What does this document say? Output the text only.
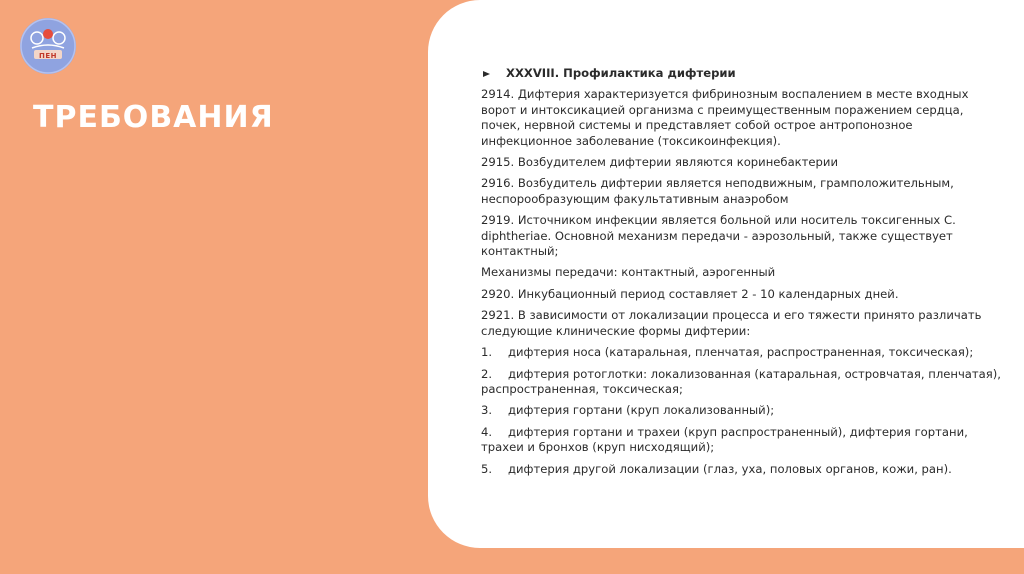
ПЕН
ТРЕБОВАНИЯ
XXXVIII. Профилактика дифтерии

2914. Дифтерия характеризуется фибринозным воспалением в месте входных ворот и интоксикацией организма с преимущественным поражением сердца, почек, нервной системы и представляет собой острое антропонозное инфекционное заболевание (токсикоинфекция).

2915. Возбудителем дифтерии являются коринебактерии

2916. Возбудитель дифтерии является неподвижным, грамположительным, неспорообразующим факультативным анаэробом

2919. Источником инфекции является больной или носитель токсигенных C. diphtheriae. Основной механизм передачи - аэрозольный, также существует контактный;

Механизмы передачи: контактный, аэрогенный

2920. Инкубационный период составляет 2 - 10 календарных дней.

2921. В зависимости от локализации процесса и его тяжести принято различать следующие клинические формы дифтерии:

1. дифтерия носа (катаральная, пленчатая, распространенная, токсическая);
2. дифтерия ротоглотки: локализованная (катаральная, островчатая, пленчатая), распространенная, токсическая;
3. дифтерия гортани (круп локализованный);
4. дифтерия гортани и трахеи (круп распространенный), дифтерия гортани, трахеи и бронхов (круп нисходящий);
5. дифтерия другой локализации (глаз, уха, половых органов, кожи, ран).
